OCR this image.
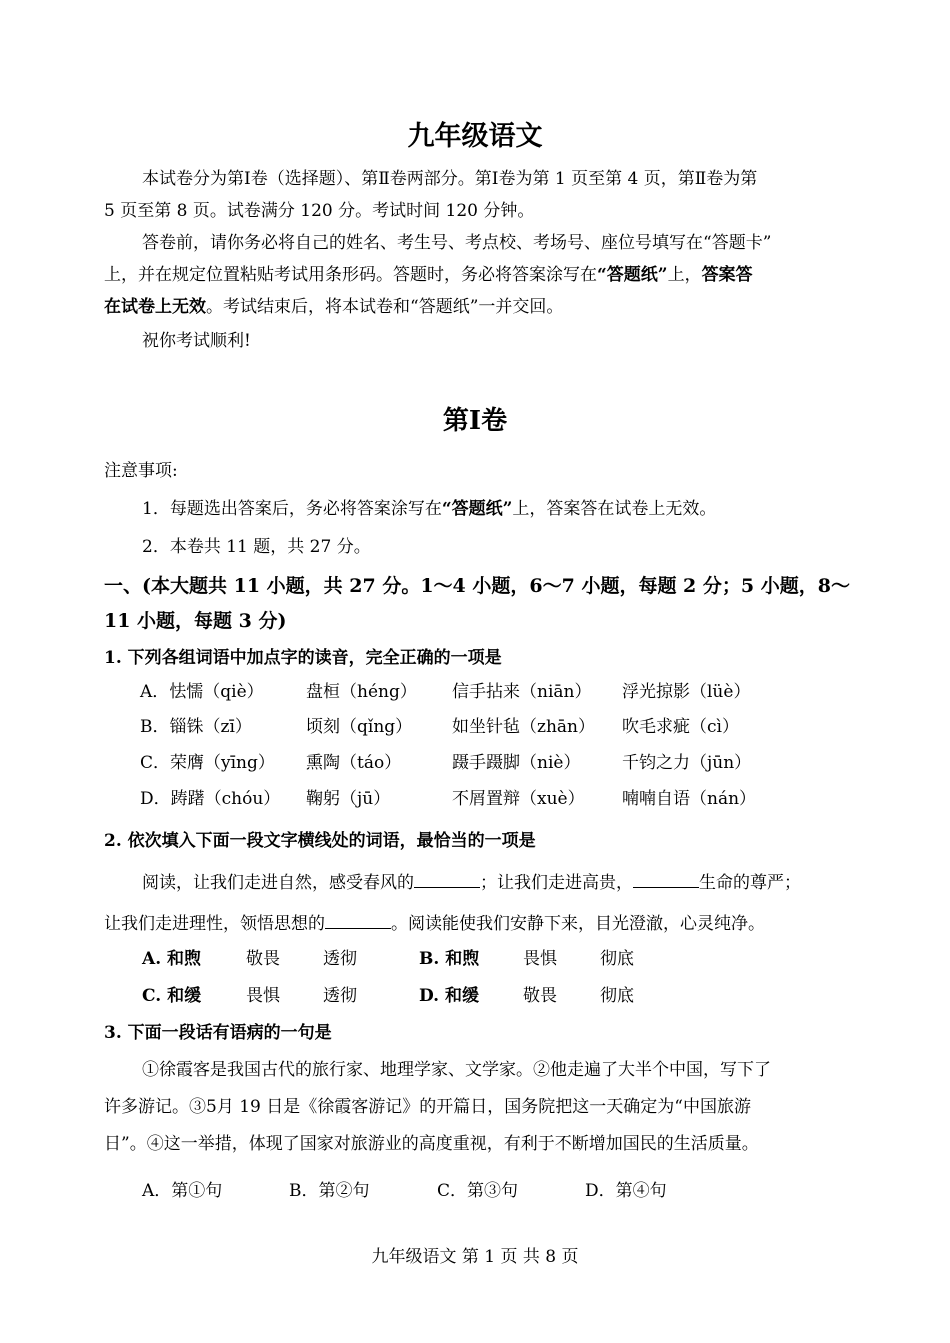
九年级语文
本试卷分为第Ⅰ卷（选择题）、第Ⅱ卷两部分。第Ⅰ卷为第 1 页至第 4 页，第Ⅱ卷为第
5 页至第 8 页。试卷满分 120 分。考试时间 120 分钟。
答卷前，请你务必将自己的姓名、考生号、考点校、考场号、座位号填写在“答题卡”
上，并在规定位置粘贴考试用条形码。答题时，务必将答案涂写在“答题纸”上，答案答
在试卷上无效。考试结束后，将本试卷和“答题纸”一并交回。
祝你考试顺利!
第Ⅰ卷
注意事项:
1．每题选出答案后，务必将答案涂写在“答题纸”上，答案答在试卷上无效。
2．本卷共 11 题，共 27 分。
一、(本大题共 11 小题，共 27 分。1～4 小题，6～7 小题，每题 2 分；5 小题，8～
11 小题，每题 3 分)
1. 下列各组词语中加点字的读音，完全正确的一项是
A．怯懦（qiè） 盘桓（héng） 信手拈来（niān） 浮光掠影（lüè）
B．锱铢（zī）	顷刻（qǐng） 如坐针毡（zhān） 吹毛求疵（cì）
C．荣膺（yīng） 熏陶（táo）	蹑手蹑脚（niè） 千钧之力（jūn）
D．踌躇（chóu） 鞠躬（jū）	不屑置辩（xuè） 喃喃自语（nán）
2. 依次填入下面一段文字横线处的词语，最恰当的一项是
阅读，让我们走进自然，感受春风的	；让我们走进高贵，	生命的尊严；
让我们走进理性，领悟思想的	。阅读能使我们安静下来，目光澄澈，心灵纯净。
A. 和煦	敬畏	透彻	B. 和煦	畏惧	彻底
C. 和缓	畏惧	透彻	D. 和缓	敬畏	彻底
3. 下面一段话有语病的一句是
①徐霞客是我国古代的旅行家、地理学家、文学家。②他走遍了大半个中国，写下了
许多游记。③5月 19 日是《徐霞客游记》的开篇日，国务院把这一天确定为“中国旅游
日”。④这一举措，体现了国家对旅游业的高度重视，有利于不断增加国民的生活质量。
A．第①句	B．第②句	C．第③句	D．第④句
九年级语文 第 1 页 共 8 页
